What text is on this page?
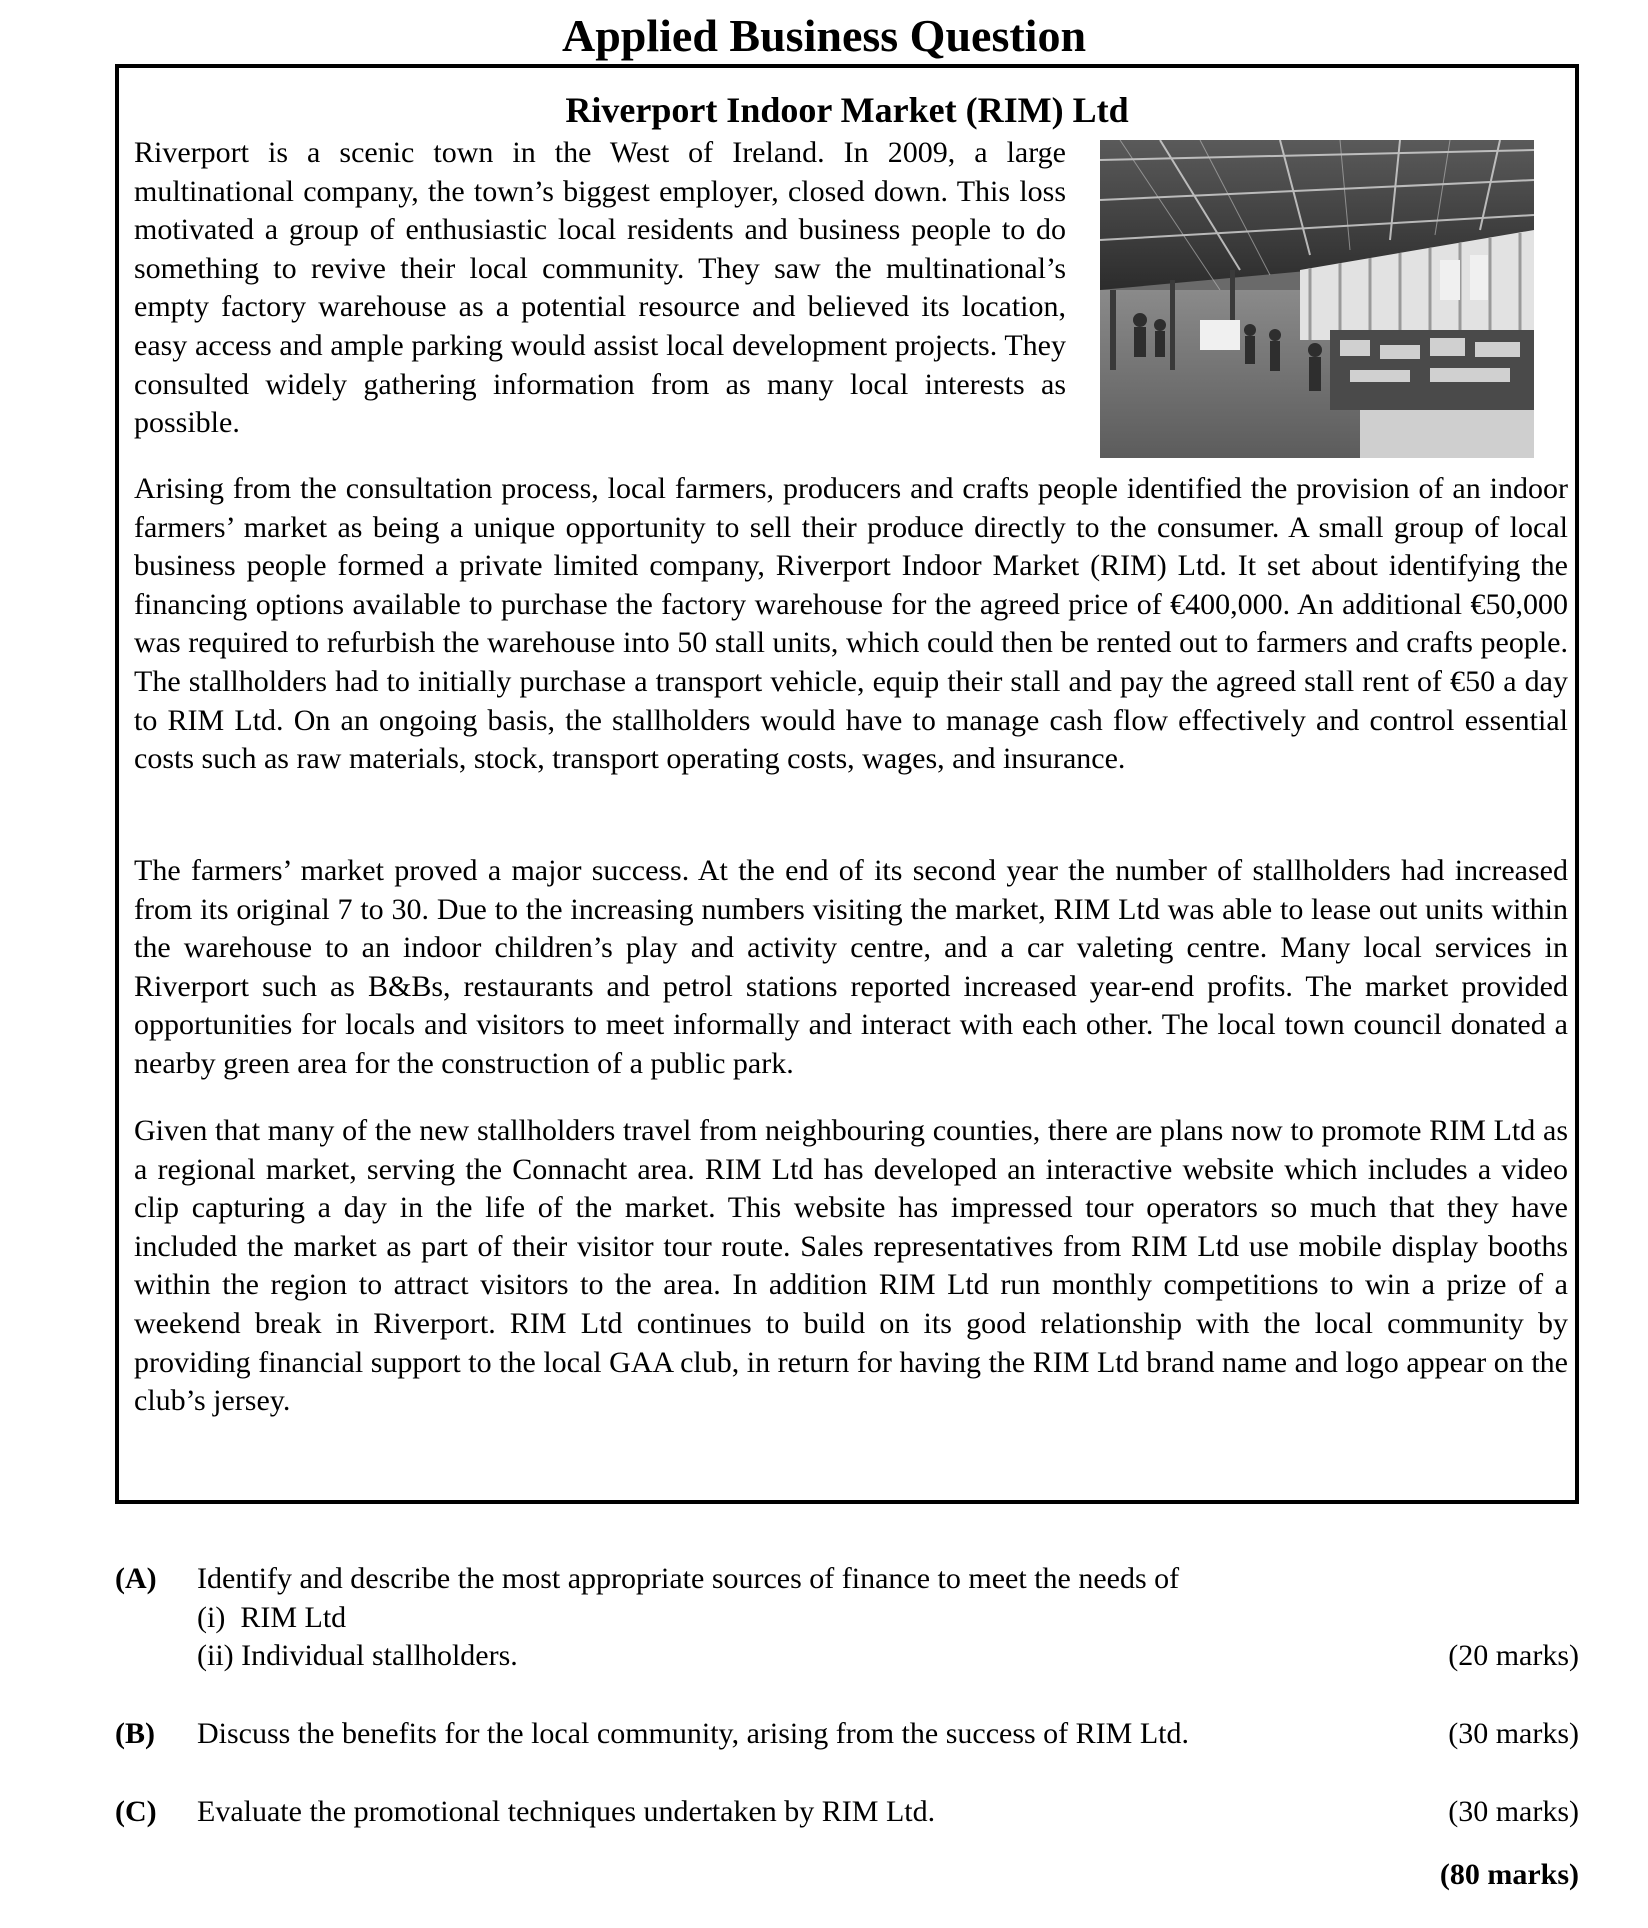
Applied Business Question
Riverport Indoor Market (RIM) Ltd

Riverport is a scenic town in the West of Ireland. In 2009, a large multinational company, the town’s biggest employer, closed down. This loss motivated a group of enthusiastic local residents and business people to do something to revive their local community. They saw the multinational’s empty factory warehouse as a potential resource and believed its location, easy access and ample parking would assist local development projects. They consulted widely gathering information from as many local interests as possible.

Arising from the consultation process, local farmers, producers and crafts people identified the provision of an indoor farmers’ market as being a unique opportunity to sell their produce directly to the consumer. A small group of local business people formed a private limited company, Riverport Indoor Market (RIM) Ltd. It set about identifying the financing options available to purchase the factory warehouse for the agreed price of €400,000. An additional €50,000 was required to refurbish the warehouse into 50 stall units, which could then be rented out to farmers and crafts people. The stallholders had to initially purchase a transport vehicle, equip their stall and pay the agreed stall rent of €50 a day to RIM Ltd. On an ongoing basis, the stallholders would have to manage cash flow effectively and control essential costs such as raw materials, stock, transport operating costs, wages, and insurance.

The farmers’ market proved a major success. At the end of its second year the number of stallholders had increased from its original 7 to 30. Due to the increasing numbers visiting the market, RIM Ltd was able to lease out units within the warehouse to an indoor children’s play and activity centre, and a car valeting centre. Many local services in Riverport such as B&Bs, restaurants and petrol stations reported increased year-end profits. The market provided opportunities for locals and visitors to meet informally and interact with each other. The local town council donated a nearby green area for the construction of a public park.

Given that many of the new stallholders travel from neighbouring counties, there are plans now to promote RIM Ltd as a regional market, serving the Connacht area. RIM Ltd has developed an interactive website which includes a video clip capturing a day in the life of the market. This website has impressed tour operators so much that they have included the market as part of their visitor tour route. Sales representatives from RIM Ltd use mobile display booths within the region to attract visitors to the area. In addition RIM Ltd run monthly competitions to win a prize of a weekend break in Riverport. RIM Ltd continues to build on its good relationship with the local community by providing financial support to the local GAA club, in return for having the RIM Ltd brand name and logo appear on the club’s jersey.

(A) Identify and describe the most appropriate sources of finance to meet the needs of
(i)  RIM Ltd
(ii) Individual stallholders.	(20 marks)
(B) Discuss the benefits for the local community, arising from the success of RIM Ltd.	(30 marks)
(C) Evaluate the promotional techniques undertaken by RIM Ltd.	(30 marks)
(80 marks)
